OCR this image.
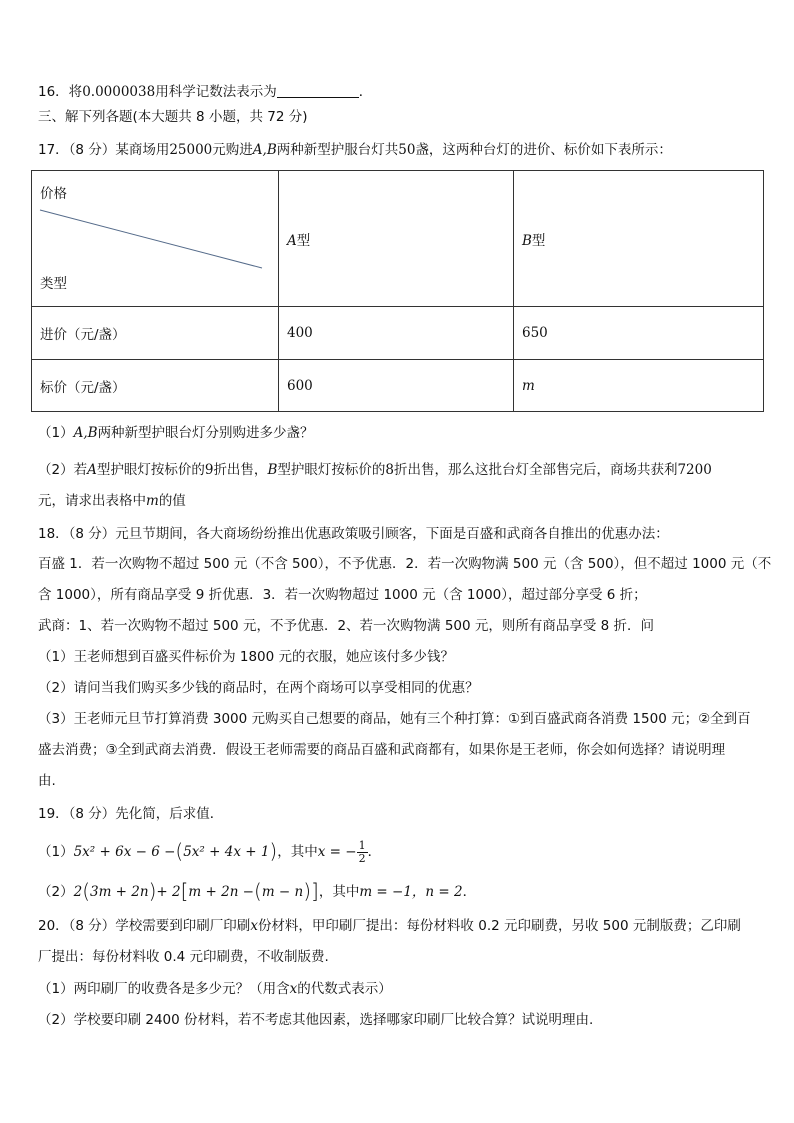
16．将0.0000038用科学记数法表示为	．
三、解下列各题(本大题共 8 小题，共 72 分)
17．（8 分）某商场用25000元购进A,B两种新型护服台灯共50盏，这两种台灯的进价、标价如下表所示：
价格
类型	A型	B型
进价（元/盏）	400	650
标价（元/盏）	600	m
（1）A,B两种新型护眼台灯分别购进多少盏？
（2）若A型护眼灯按标价的9折出售，B型护眼灯按标价的8折出售，那么这批台灯全部售完后，商场共获利7200
元，请求出表格中m的值
18．（8 分）元旦节期间，各大商场纷纷推出优惠政策吸引顾客，下面是百盛和武商各自推出的优惠办法：
百盛 1．若一次购物不超过 500 元（不含 500），不予优惠．2．若一次购物满 500 元（含 500），但不超过 1000 元（不
含 1000），所有商品享受 9 折优惠．3．若一次购物超过 1000 元（含 1000），超过部分享受 6 折；
武商：1、若一次购物不超过 500 元，不予优惠．2、若一次购物满 500 元，则所有商品享受 8 折．问
（1）王老师想到百盛买件标价为 1800 元的衣服，她应该付多少钱？
（2）请问当我们购买多少钱的商品时，在两个商场可以享受相同的优惠？
（3）王老师元旦节打算消费 3000 元购买自己想要的商品，她有三个种打算：①到百盛武商各消费 1500 元；②全到百
盛去消费；③全到武商去消费．假设王老师需要的商品百盛和武商都有，如果你是王老师，你会如何选择？请说明理
由.
19．（8 分）先化简，后求值．
（1）5x² + 6x − 6 −(5x² + 4x + 1)，其中x = − $\frac{1}{2}$ ．
（2）2(3m + 2n)+ 2[m + 2n −(m − n)]，其中m = −1，n = 2．
20．（8 分）学校需要到印刷厂印刷x份材料，甲印刷厂提出：每份材料收 0.2 元印刷费，另收 500 元制版费；乙印刷
厂提出：每份材料收 0.4 元印刷费，不收制版费.
（1）两印刷厂的收费各是多少元？（用含x的代数式表示）
（2）学校要印刷 2400 份材料，若不考虑其他因素，选择哪家印刷厂比较合算？试说明理由.
